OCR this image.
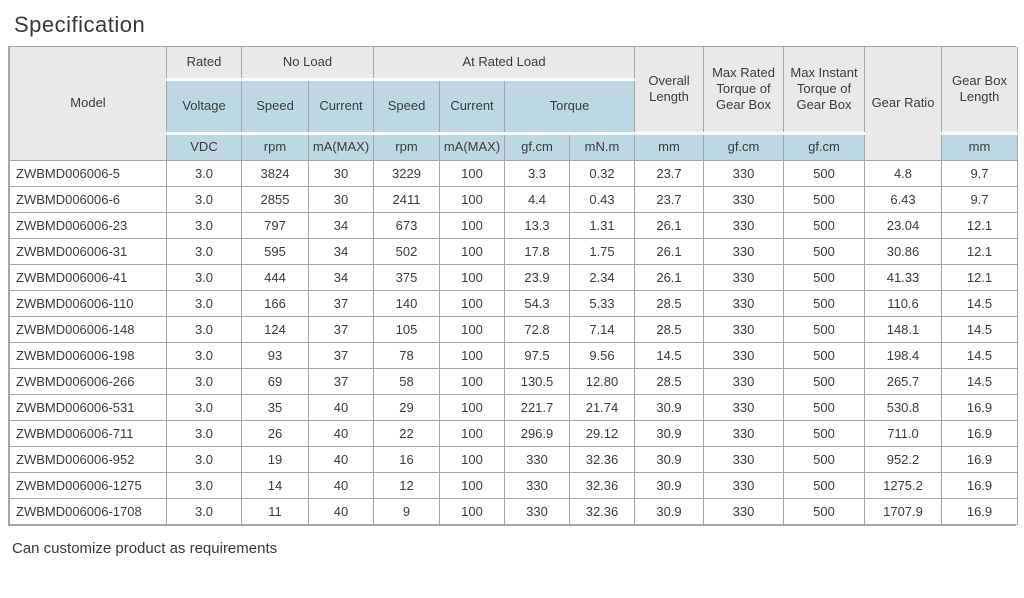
Specification
Model	Rated	No Load		At Rated Load				Overall Length	Max Rated Torque of Gear Box	Max Instant Torque of Gear Box	Gear Ratio	Gear Box Length
	Voltage	Speed	Current	Speed	Current	Torque						
	VDC	rpm	mA(MAX)	rpm	mA(MAX)	gf.cm	mN.m	mm	gf.cm	gf.cm		mm
ZWBMD006006-5	3.0	3824	30	3229	100	3.3	0.32	23.7	330	500	4.8	9.7
ZWBMD006006-6	3.0	2855	30	2411	100	4.4	0.43	23.7	330	500	6.43	9.7
ZWBMD006006-23	3.0	797	34	673	100	13.3	1.31	26.1	330	500	23.04	12.1
ZWBMD006006-31	3.0	595	34	502	100	17.8	1.75	26.1	330	500	30.86	12.1
ZWBMD006006-41	3.0	444	34	375	100	23.9	2.34	26.1	330	500	41.33	12.1
ZWBMD006006-110	3.0	166	37	140	100	54.3	5.33	28.5	330	500	110.6	14.5
ZWBMD006006-148	3.0	124	37	105	100	72.8	7.14	28.5	330	500	148.1	14.5
ZWBMD006006-198	3.0	93	37	78	100	97.5	9.56	14.5	330	500	198.4	14.5
ZWBMD006006-266	3.0	69	37	58	100	130.5	12.80	28.5	330	500	265.7	14.5
ZWBMD006006-531	3.0	35	40	29	100	221.7	21.74	30.9	330	500	530.8	16.9
ZWBMD006006-711	3.0	26	40	22	100	296.9	29.12	30.9	330	500	711.0	16.9
ZWBMD006006-952	3.0	19	40	16	100	330	32.36	30.9	330	500	952.2	16.9
ZWBMD006006-1275	3.0	14	40	12	100	330	32.36	30.9	330	500	1275.2	16.9
ZWBMD006006-1708	3.0	11	40	9	100	330	32.36	30.9	330	500	1707.9	16.9

Can customize product as requirements
